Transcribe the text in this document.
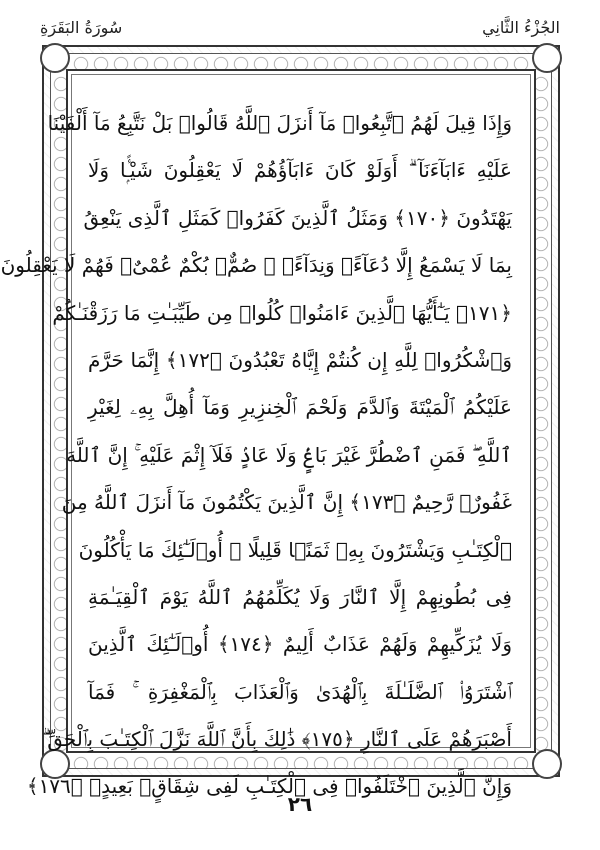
الجُزْءُ الثَّانِي
سُورَةُ البَقَرَةِ
وَإِذَا قِيلَ لَهُمُ ٱتَّبِعُوا۟ مَآ أَنزَلَ ٱللَّهُ قَالُوا۟ بَلْ نَتَّبِعُ مَآ أَلْفَيْنَا
عَلَيْهِ ءَابَآءَنَآ ۗ أَوَلَوْ كَانَ ءَابَآؤُهُمْ لَا يَعْقِلُونَ شَيْـًۭٔا وَلَا
يَهْتَدُونَ ﴿١٧٠﴾ وَمَثَلُ ٱلَّذِينَ كَفَرُوا۟ كَمَثَلِ ٱلَّذِى يَنْعِقُ
بِمَا لَا يَسْمَعُ إِلَّا دُعَآءًۭ وَنِدَآءًۭ ۚ صُمٌّۢ بُكْمٌ عُمْىٌۭ فَهُمْ لَا يَعْقِلُونَ
﴿١٧١﴾ يَـٰٓأَيُّهَا ٱلَّذِينَ ءَامَنُوا۟ كُلُوا۟ مِن طَيِّبَـٰتِ مَا رَزَقْنَـٰكُمْ
وَٱشْكُرُوا۟ لِلَّهِ إِن كُنتُمْ إِيَّاهُ تَعْبُدُونَ ﴿١٧٢﴾ إِنَّمَا حَرَّمَ
عَلَيْكُمُ ٱلْمَيْتَةَ وَٱلدَّمَ وَلَحْمَ ٱلْخِنزِيرِ وَمَآ أُهِلَّ بِهِۦ لِغَيْرِ
ٱللَّهِ ۖ فَمَنِ ٱضْطُرَّ غَيْرَ بَاغٍۢ وَلَا عَادٍۢ فَلَآ إِثْمَ عَلَيْهِ ۚ إِنَّ ٱللَّهَ
غَفُورٌۭ رَّحِيمٌ ﴿١٧٣﴾ إِنَّ ٱلَّذِينَ يَكْتُمُونَ مَآ أَنزَلَ ٱللَّهُ مِنَ
ٱلْكِتَـٰبِ وَيَشْتَرُونَ بِهِۦ ثَمَنًۭا قَلِيلًا ۙ أُو۟لَـٰٓئِكَ مَا يَأْكُلُونَ
فِى بُطُونِهِمْ إِلَّا ٱلنَّارَ وَلَا يُكَلِّمُهُمُ ٱللَّهُ يَوْمَ ٱلْقِيَـٰمَةِ
وَلَا يُزَكِّيهِمْ وَلَهُمْ عَذَابٌ أَلِيمٌ ﴿١٧٤﴾ أُو۟لَـٰٓئِكَ ٱلَّذِينَ
ٱشْتَرَوُا۟ ٱلضَّلَـٰلَةَ بِٱلْهُدَىٰ وَٱلْعَذَابَ بِٱلْمَغْفِرَةِ ۚ فَمَآ
أَصْبَرَهُمْ عَلَى ٱلنَّارِ ﴿١٧٥﴾ ذَٰلِكَ بِأَنَّ ٱللَّهَ نَزَّلَ ٱلْكِتَـٰبَ بِٱلْحَقِّ ۗ
وَإِنَّ ٱلَّذِينَ ٱخْتَلَفُوا۟ فِى ٱلْكِتَـٰبِ لَفِى شِقَاقٍۭ بَعِيدٍۢ ﴿١٧٦﴾
٢٦
